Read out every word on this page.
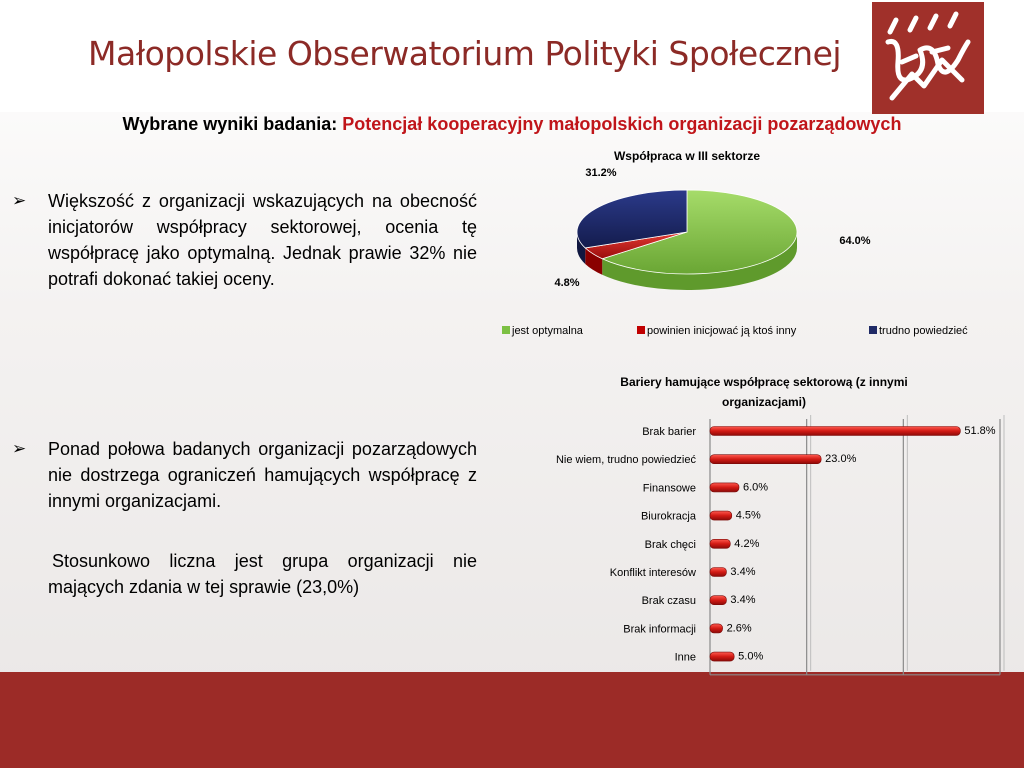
Małopolskie Obserwatorium Polityki Społecznej
Wybrane wyniki badania: Potencjał kooperacyjny małopolskich organizacji pozarządowych
➢	Większość z organizacji wskazujących na obecność inicjatorów współpracy sektorowej, ocenia tę współpracę jako optymalną. Jednak prawie 32% nie potrafi dokonać takiej oceny.
➢	Ponad połowa badanych organizacji pozarządowych nie dostrzega ograniczeń hamujących współpracę z innymi organizacjami.
Stosunkowo liczna jest grupa organizacji nie mających zdania w tej sprawie (23,0%)
Współpraca w III sektorze
64.0%
4.8%
31.2%
jest optymalna	powinien inicjować ją ktoś inny	trudno powiedzieć
Bariery hamujące współpracę sektorową (z innymi
organizacjami)
Brak barier	51.8%
Nie wiem, trudno powiedzieć	23.0%
Finansowe	6.0%
Biurokracja	4.5%
Brak chęci	4.2%
Konflikt interesów	3.4%
Brak czasu	3.4%
Brak informacji	2.6%
Inne	5.0%
